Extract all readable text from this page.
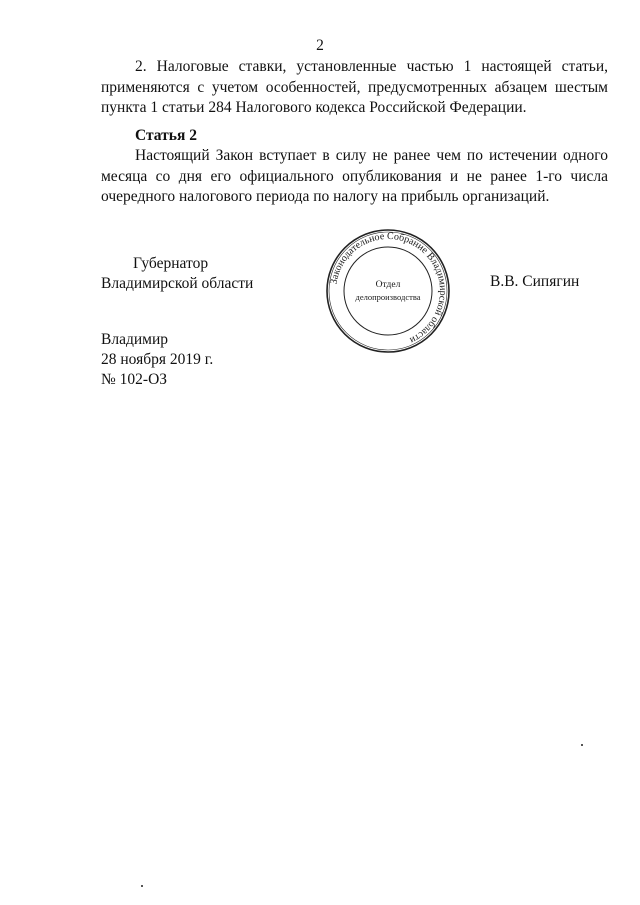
2

2. Налоговые ставки, установленные частью 1 настоящей статьи, применяются с учетом особенностей, предусмотренных абзацем шестым пункта 1 статьи 284 Налогового кодекса Российской Федерации.

Статья 2

Настоящий Закон вступает в силу не ранее чем по истечении одного месяца со дня его официального опубликования и не ранее 1-го числа очередного налогового периода по налогу на прибыль организаций.

Губернатор
Владимирской области	Законодательное Собрание Владимирской области
Отдел
делопроизводства
В.В. Сипягин
Владимир
28 ноября 2019 г.
№ 102-ОЗ
